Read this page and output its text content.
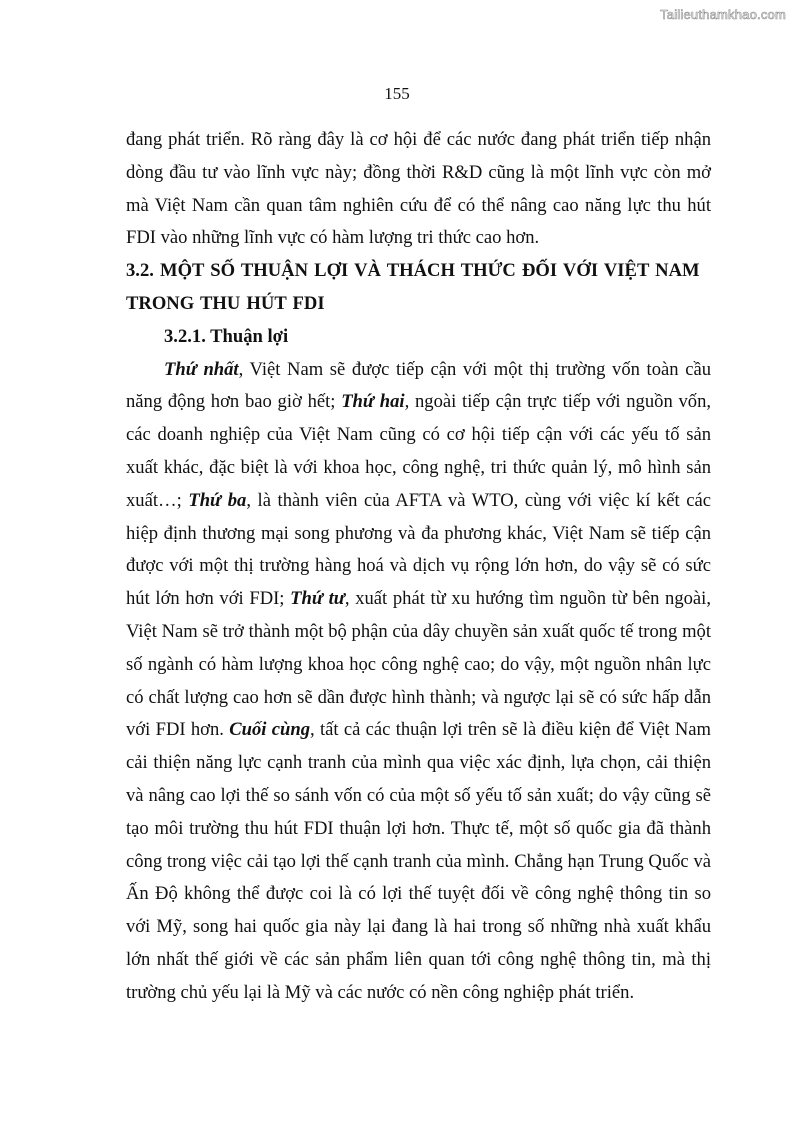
Tailieuthamkhao.com
155

đang phát triển. Rõ ràng đây là cơ hội để các nước đang phát triển tiếp nhận dòng đầu tư vào lĩnh vực này; đồng thời R&D cũng là một lĩnh vực còn mở mà Việt Nam cần quan tâm nghiên cứu để có thể nâng cao năng lực thu hút FDI vào những lĩnh vực có hàm lượng tri thức cao hơn.

3.2. MỘT SỐ THUẬN LỢI VÀ THÁCH THỨC ĐỐI VỚI VIỆT NAM TRONG THU HÚT FDI

3.2.1. Thuận lợi

Thứ nhất, Việt Nam sẽ được tiếp cận với một thị trường vốn toàn cầu năng động hơn bao giờ hết; Thứ hai, ngoài tiếp cận trực tiếp với nguồn vốn, các doanh nghiệp của Việt Nam cũng có cơ hội tiếp cận với các yếu tố sản xuất khác, đặc biệt là với khoa học, công nghệ, tri thức quản lý, mô hình sản xuất…; Thứ ba, là thành viên của AFTA và WTO, cùng với việc kí kết các hiệp định thương mại song phương và đa phương khác, Việt Nam sẽ tiếp cận được với một thị trường hàng hoá và dịch vụ rộng lớn hơn, do vậy sẽ có sức hút lớn hơn với FDI; Thứ tư, xuất phát từ xu hướng tìm nguồn từ bên ngoài, Việt Nam sẽ trở thành một bộ phận của dây chuyền sản xuất quốc tế trong một số ngành có hàm lượng khoa học công nghệ cao; do vậy, một nguồn nhân lực có chất lượng cao hơn sẽ dần được hình thành; và ngược lại sẽ có sức hấp dẫn với FDI hơn. Cuối cùng, tất cả các thuận lợi trên sẽ là điều kiện để Việt Nam cải thiện năng lực cạnh tranh của mình qua việc xác định, lựa chọn, cải thiện và nâng cao lợi thế so sánh vốn có của một số yếu tố sản xuất; do vậy cũng sẽ tạo môi trường thu hút FDI thuận lợi hơn. Thực tế, một số quốc gia đã thành công trong việc cải tạo lợi thế cạnh tranh của mình. Chẳng hạn Trung Quốc và Ấn Độ không thể được coi là có lợi thế tuyệt đối về công nghệ thông tin so với Mỹ, song hai quốc gia này lại đang là hai trong số những nhà xuất khẩu lớn nhất thế giới về các sản phẩm liên quan tới công nghệ thông tin, mà thị trường chủ yếu lại là Mỹ và các nước có nền công nghiệp phát triển.
